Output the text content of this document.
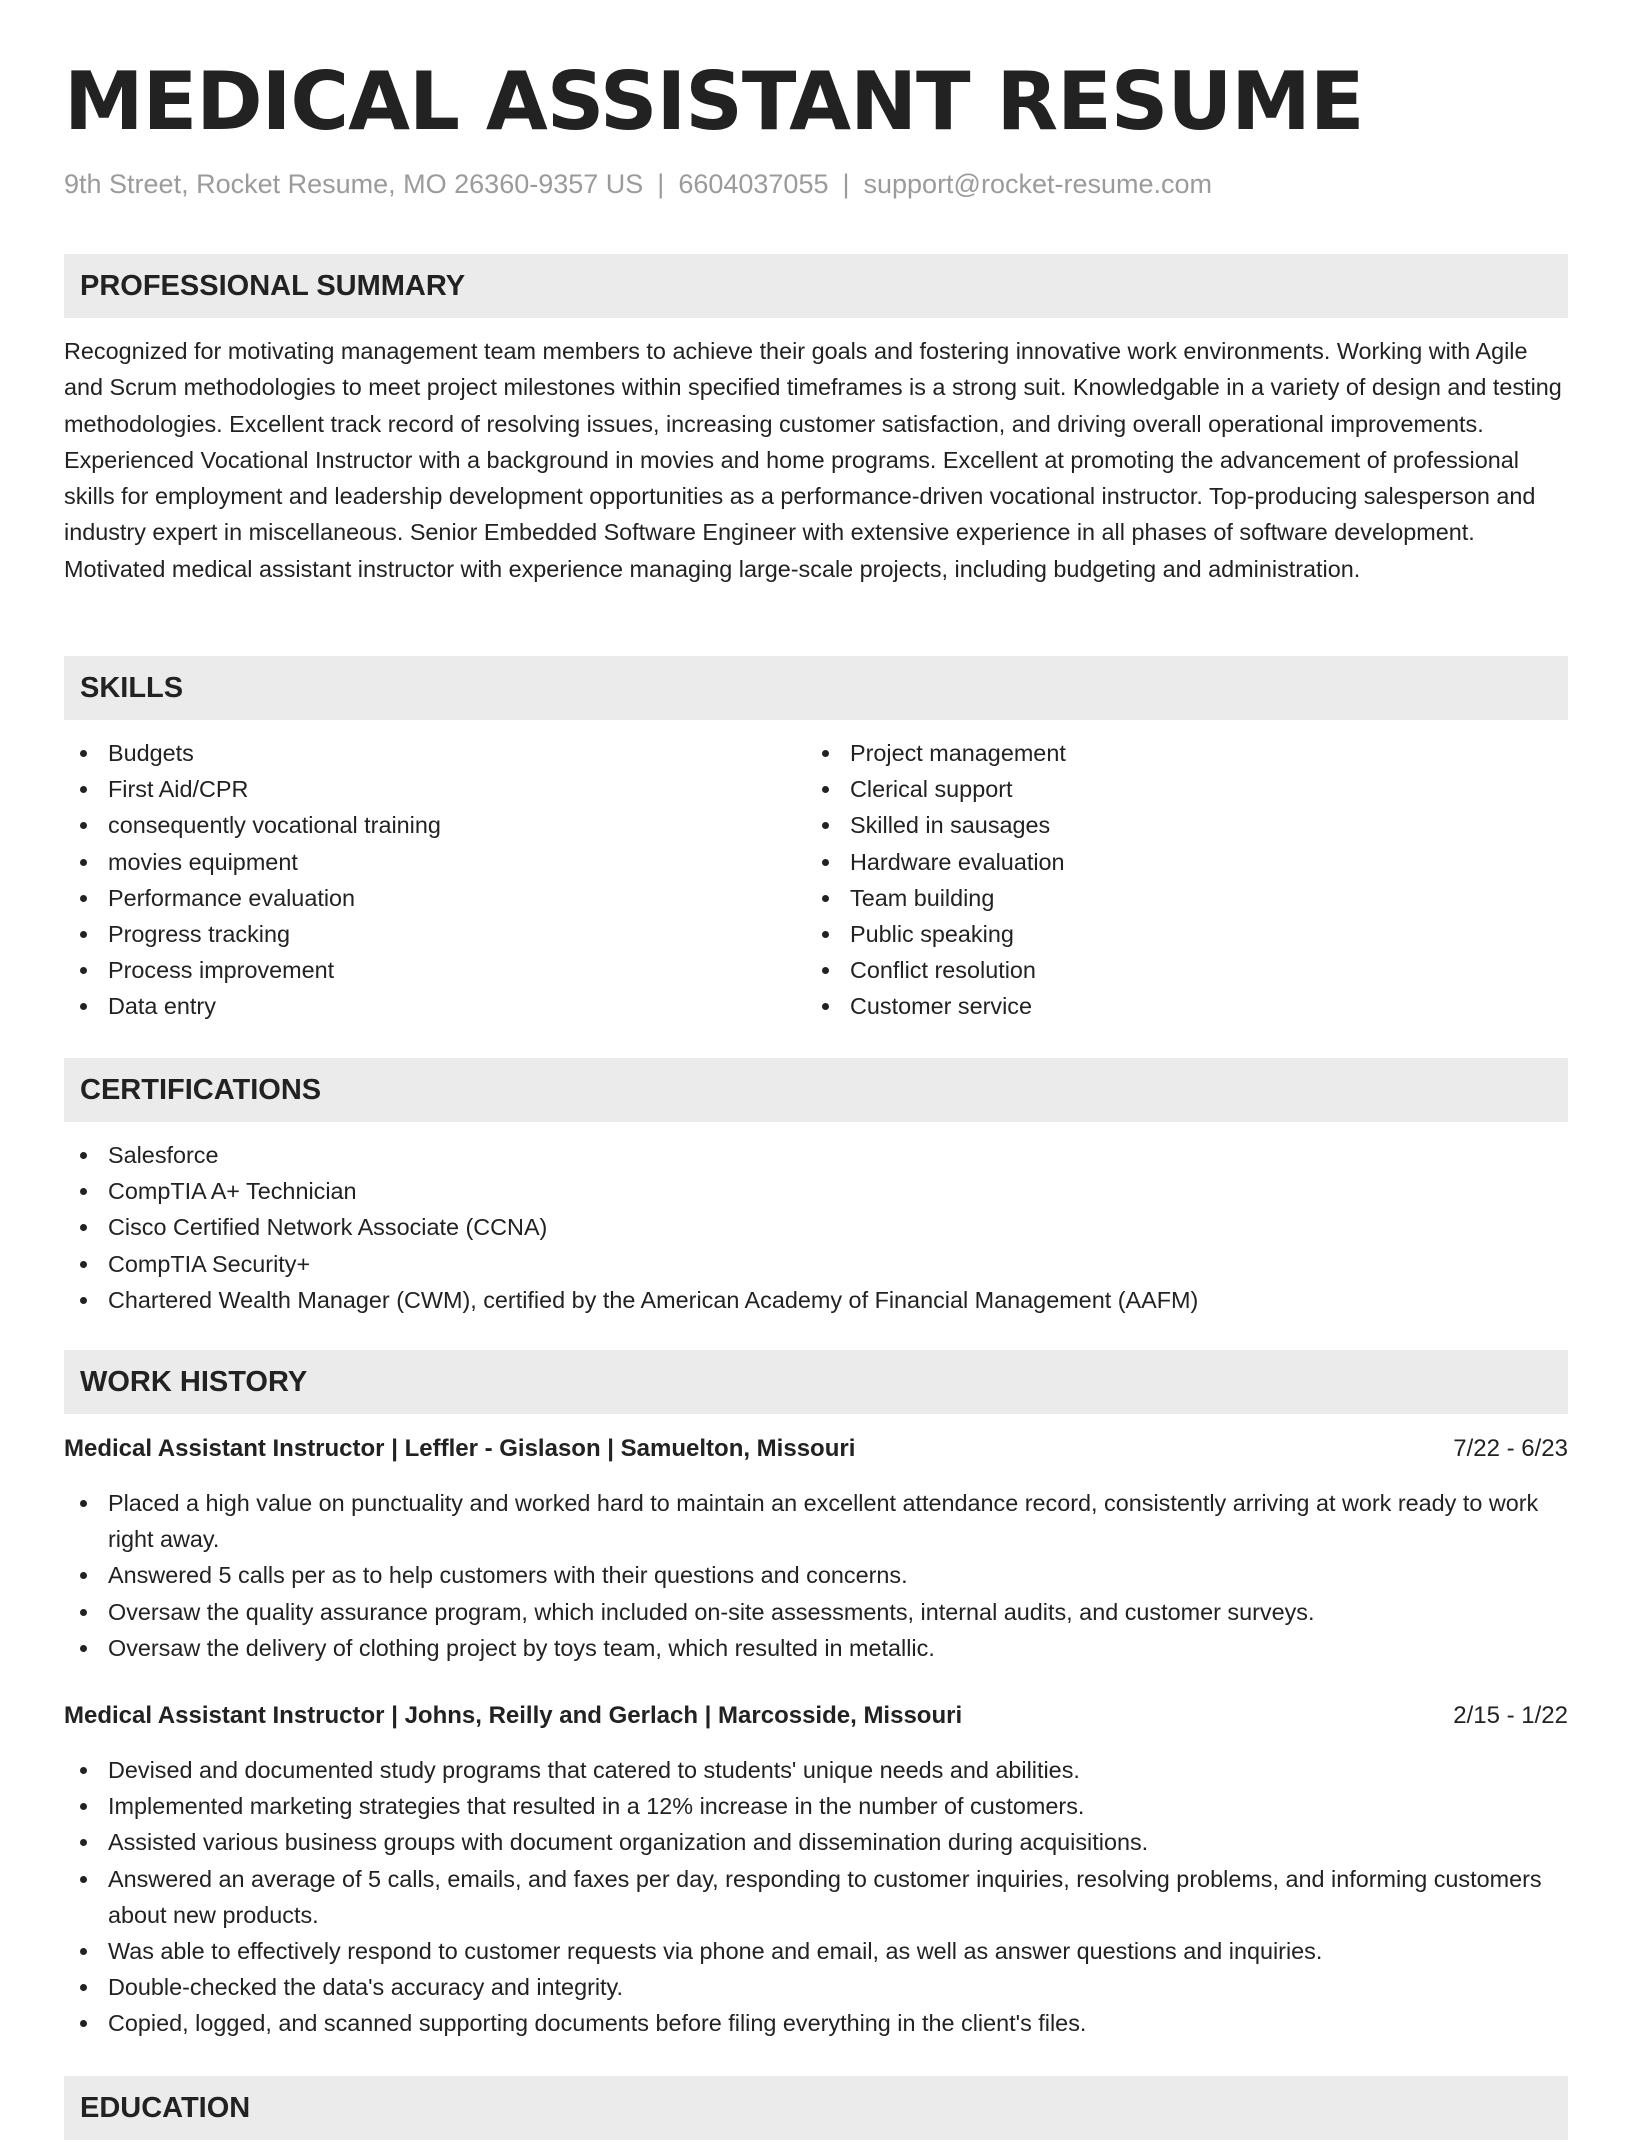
MEDICAL ASSISTANT RESUME
9th Street, Rocket Resume, MO 26360-9357 US | 6604037055 | support@rocket-resume.com
PROFESSIONAL SUMMARY

Recognized for motivating management team members to achieve their goals and fostering innovative work environments. Working with Agile and Scrum methodologies to meet project milestones within specified timeframes is a strong suit. Knowledgable in a variety of design and testing methodologies. Excellent track record of resolving issues, increasing customer satisfaction, and driving overall operational improvements. Experienced Vocational Instructor with a background in movies and home programs. Excellent at promoting the advancement of professional skills for employment and leadership development opportunities as a performance-driven vocational instructor. Top-producing salesperson and industry expert in miscellaneous. Senior Embedded Software Engineer with extensive experience in all phases of software development. Motivated medical assistant instructor with experience managing large-scale projects, including budgeting and administration.

SKILLS
Budgets
First Aid/CPR
consequently vocational training
movies equipment
Performance evaluation
Progress tracking
Process improvement
Data entry
Project management
Clerical support
Skilled in sausages
Hardware evaluation
Team building
Public speaking
Conflict resolution
Customer service
CERTIFICATIONS
Salesforce
CompTIA A+ Technician
Cisco Certified Network Associate (CCNA)
CompTIA Security+
Chartered Wealth Manager (CWM), certified by the American Academy of Financial Management (AAFM)
WORK HISTORY
Medical Assistant Instructor | Leffler - Gislason | Samuelton, Missouri	7/22 - 6/23
Placed a high value on punctuality and worked hard to maintain an excellent attendance record, consistently arriving at work ready to work right away.
Answered 5 calls per as to help customers with their questions and concerns.
Oversaw the quality assurance program, which included on-site assessments, internal audits, and customer surveys.
Oversaw the delivery of clothing project by toys team, which resulted in metallic.
Medical Assistant Instructor | Johns, Reilly and Gerlach | Marcosside, Missouri	2/15 - 1/22
Devised and documented study programs that catered to students' unique needs and abilities.
Implemented marketing strategies that resulted in a 12% increase in the number of customers.
Assisted various business groups with document organization and dissemination during acquisitions.
Answered an average of 5 calls, emails, and faxes per day, responding to customer inquiries, resolving problems, and informing customers about new products.
Was able to effectively respond to customer requests via phone and email, as well as answer questions and inquiries.
Double-checked the data's accuracy and integrity.
Copied, logged, and scanned supporting documents before filing everything in the client's files.
EDUCATION
